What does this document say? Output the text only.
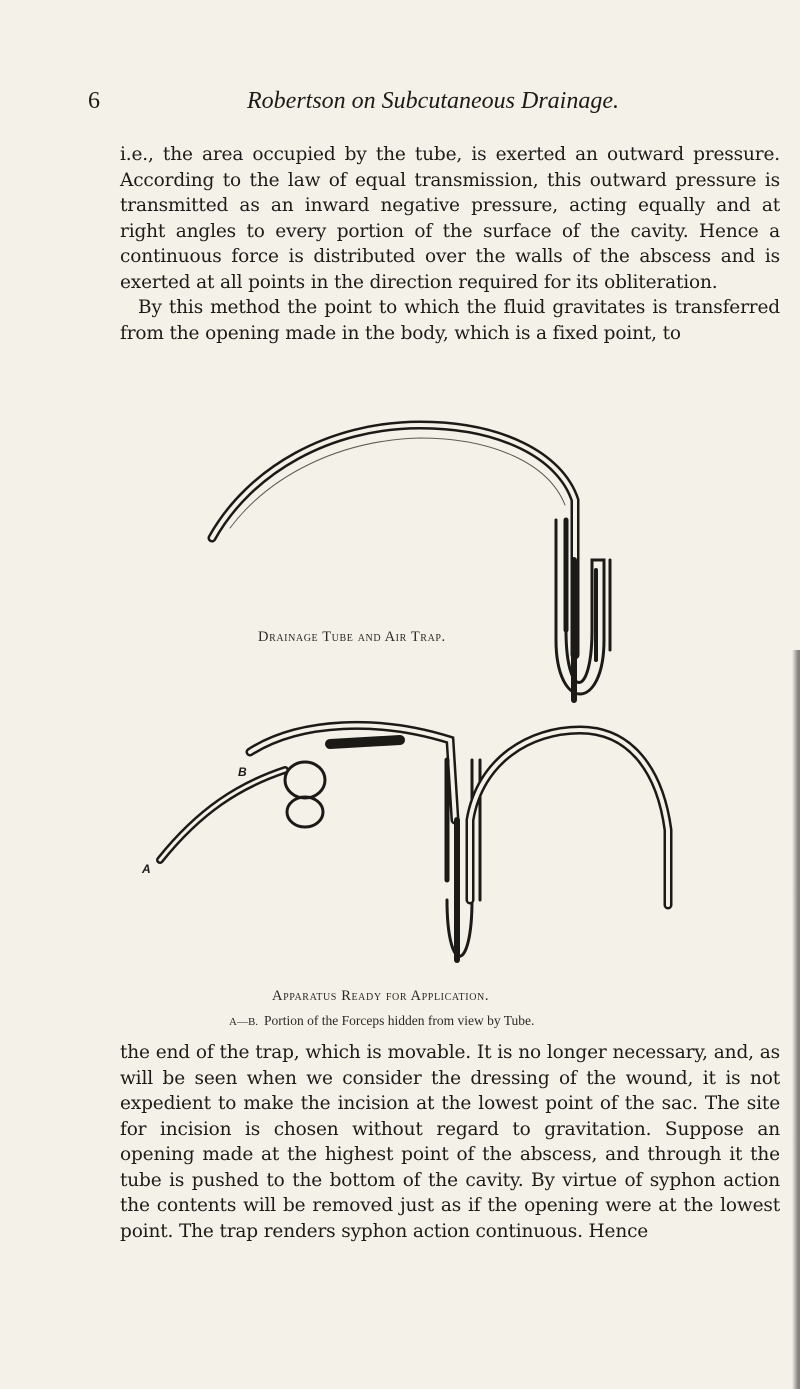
6	Robertson on Subcutaneous Drainage.

i.e., the area occupied by the tube, is exerted an outward pressure. According to the law of equal transmission, this outward pressure is transmitted as an inward negative pressure, acting equally and at right angles to every portion of the surface of the cavity. Hence a continuous force is distributed over the walls of the abscess and is exerted at all points in the direction required for its obliteration.

By this method the point to which the fluid gravitates is transferred from the opening made in the body, which is a fixed point, to

Drainage Tube and Air Trap.
A
B
Apparatus Ready for Application.
A—B. Portion of the Forceps hidden from view by Tube.

the end of the trap, which is movable. It is no longer necessary, and, as will be seen when we consider the dressing of the wound, it is not expedient to make the incision at the lowest point of the sac. The site for incision is chosen without regard to gravitation. Suppose an opening made at the highest point of the abscess, and through it the tube is pushed to the bottom of the cavity. By virtue of syphon action the contents will be removed just as if the opening were at the lowest point. The trap renders syphon action continuous. Hence
